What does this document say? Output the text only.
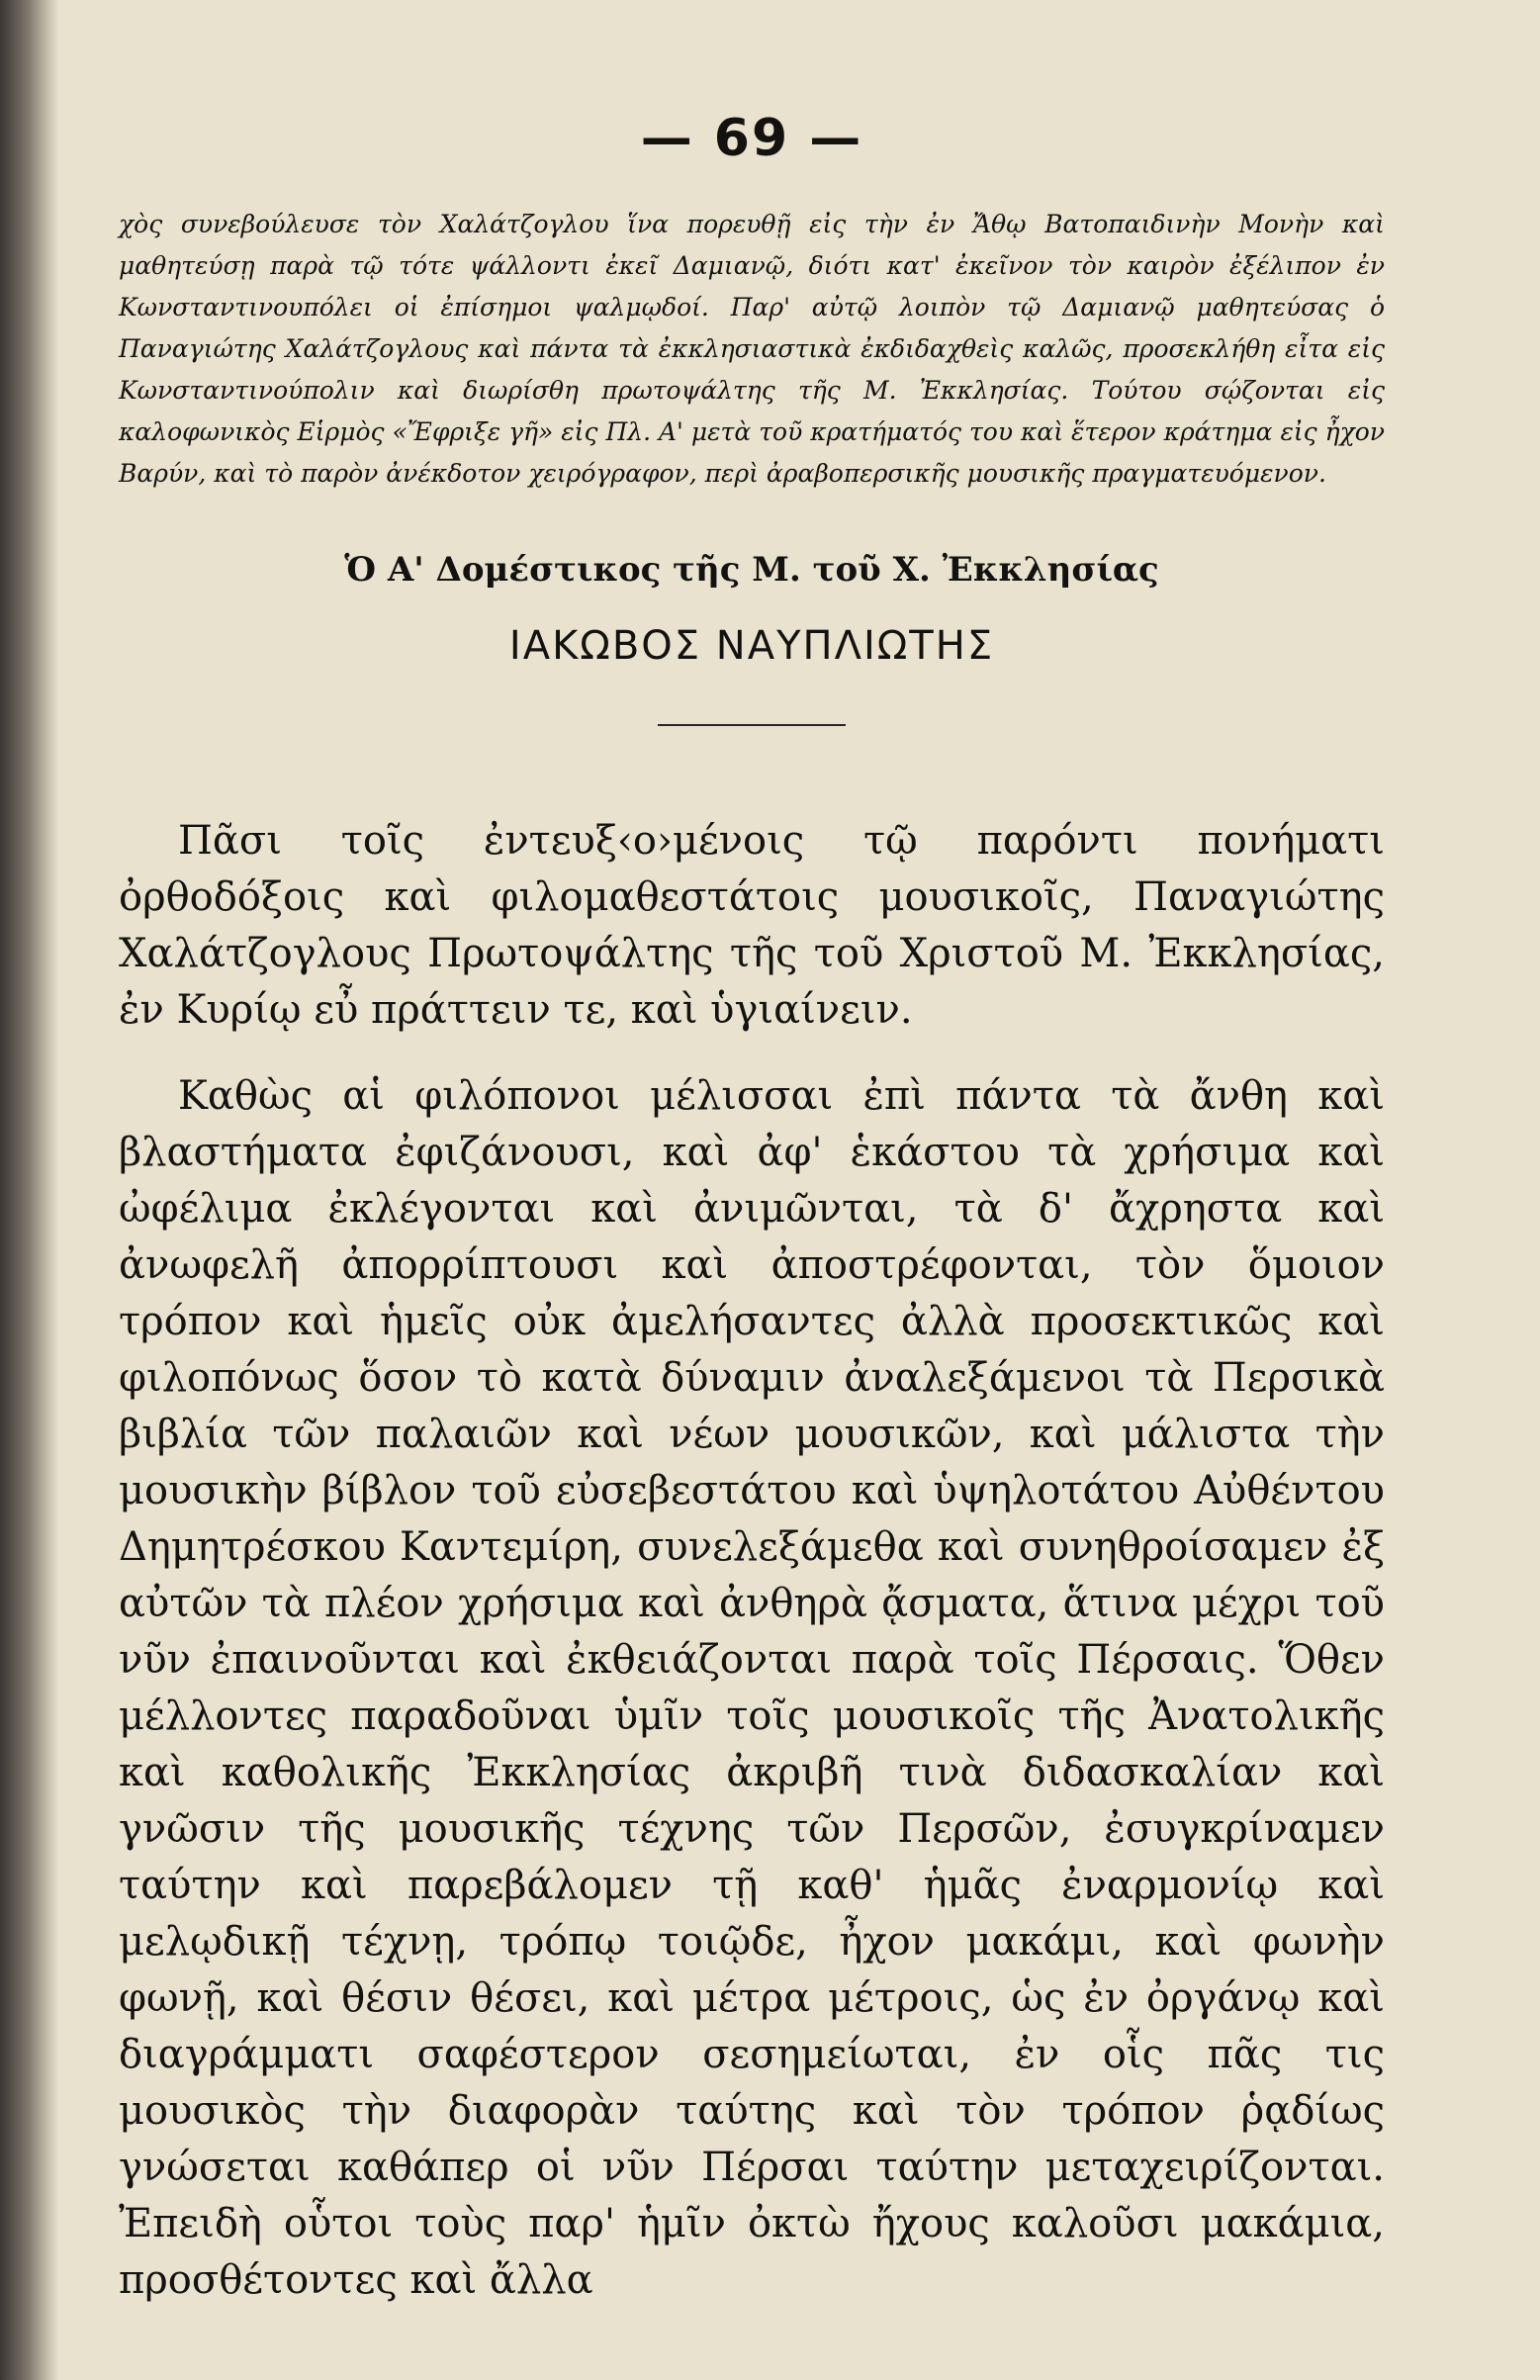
— 69 —

χὸς συνεβούλευσε τὸν Χαλάτζογλου ἵνα πορευθῇ εἰς τὴν ἐν Ἄθῳ Βατοπαιδινὴν Μονὴν καὶ μαθητεύσῃ παρὰ τῷ τότε ψάλλοντι ἐκεῖ Δαμιανῷ, διότι κατ' ἐκεῖνον τὸν καιρὸν ἐξέλιπον ἐν Κωνσταντινουπόλει οἱ ἐπίσημοι ψαλμῳδοί. Παρ' αὐτῷ λοιπὸν τῷ Δαμιανῷ μαθητεύσας ὁ Παναγιώτης Χαλάτζογλους καὶ πάντα τὰ ἐκκλησιαστικὰ ἐκδιδαχθεὶς καλῶς, προσεκλήθη εἶτα εἰς Κωνσταντινούπολιν καὶ διωρίσθη πρωτοψάλτης τῆς Μ. Ἐκκλησίας. Τούτου σῴζονται εἰς καλοφωνικὸς Εἱρμὸς «Ἔφριξε γῆ» εἰς Πλ. Α' μετὰ τοῦ κρατήματός του καὶ ἕτερον κράτημα εἰς ἦχον Βαρύν, καὶ τὸ παρὸν ἀνέκδοτον χειρόγραφον, περὶ ἀραβοπερσικῆς μουσικῆς πραγματευόμενον.

Ὁ Α' Δομέστικος τῆς Μ. τοῦ Χ. Ἐκκλησίας
ΙΑΚΩΒΟΣ ΝΑΥΠΛΙΩΤΗΣ

Πᾶσι τοῖς ἐντευξ‹ο›μένοις τῷ παρόντι πονήματι ὀρθοδόξοις καὶ φιλομαθεστάτοις μουσικοῖς, Παναγιώτης Χαλάτζογλους Πρωτοψάλτης τῆς τοῦ Χριστοῦ Μ. Ἐκκλησίας, ἐν Κυρίῳ εὖ πράττειν τε, καὶ ὑγιαίνειν.

Καθὼς αἱ φιλόπονοι μέλισσαι ἐπὶ πάντα τὰ ἄνθη καὶ βλαστήματα ἐφιζάνουσι, καὶ ἀφ' ἑκάστου τὰ χρήσιμα καὶ ὠφέλιμα ἐκλέγονται καὶ ἀνιμῶνται, τὰ δ' ἄχρηστα καὶ ἀνωφελῆ ἀπορρίπτουσι καὶ ἀποστρέφονται, τὸν ὅμοιον τρόπον καὶ ἡμεῖς οὐκ ἀμελήσαντες ἀλλὰ προσεκτικῶς καὶ φιλοπόνως ὅσον τὸ κατὰ δύναμιν ἀναλεξάμενοι τὰ Περσικὰ βιβλία τῶν παλαιῶν καὶ νέων μουσικῶν, καὶ μάλιστα τὴν μουσικὴν βίβλον τοῦ εὐσεβεστάτου καὶ ὑψηλοτάτου Αὐθέντου Δημητρέσκου Καντεμίρη, συνελεξάμεθα καὶ συνηθροίσαμεν ἐξ αὐτῶν τὰ πλέον χρήσιμα καὶ ἀνθηρὰ ᾄσματα, ἅτινα μέχρι τοῦ νῦν ἐπαινοῦνται καὶ ἐκθειάζονται παρὰ τοῖς Πέρσαις. Ὅθεν μέλλοντες παραδοῦναι ὑμῖν τοῖς μουσικοῖς τῆς Ἀνατολικῆς καὶ καθολικῆς Ἐκκλησίας ἀκριβῆ τινὰ διδασκαλίαν καὶ γνῶσιν τῆς μουσικῆς τέχνης τῶν Περσῶν, ἐσυγκρίναμεν ταύτην καὶ παρεβάλομεν τῇ καθ' ἡμᾶς ἐναρμονίῳ καὶ μελῳδικῇ τέχνῃ, τρόπῳ τοιῷδε, ἦχον μακάμι, καὶ φωνὴν φωνῇ, καὶ θέσιν θέσει, καὶ μέτρα μέτροις, ὡς ἐν ὀργάνῳ καὶ διαγράμματι σαφέστερον σεσημείωται, ἐν οἷς πᾶς τις μουσικὸς τὴν διαφορὰν ταύτης καὶ τὸν τρόπον ῥᾳδίως γνώσεται καθάπερ οἱ νῦν Πέρσαι ταύτην μεταχειρίζονται. Ἐπειδὴ οὗτοι τοὺς παρ' ἡμῖν ὀκτὼ ἤχους καλοῦσι μακάμια, προσθέτοντες καὶ ἄλλα
